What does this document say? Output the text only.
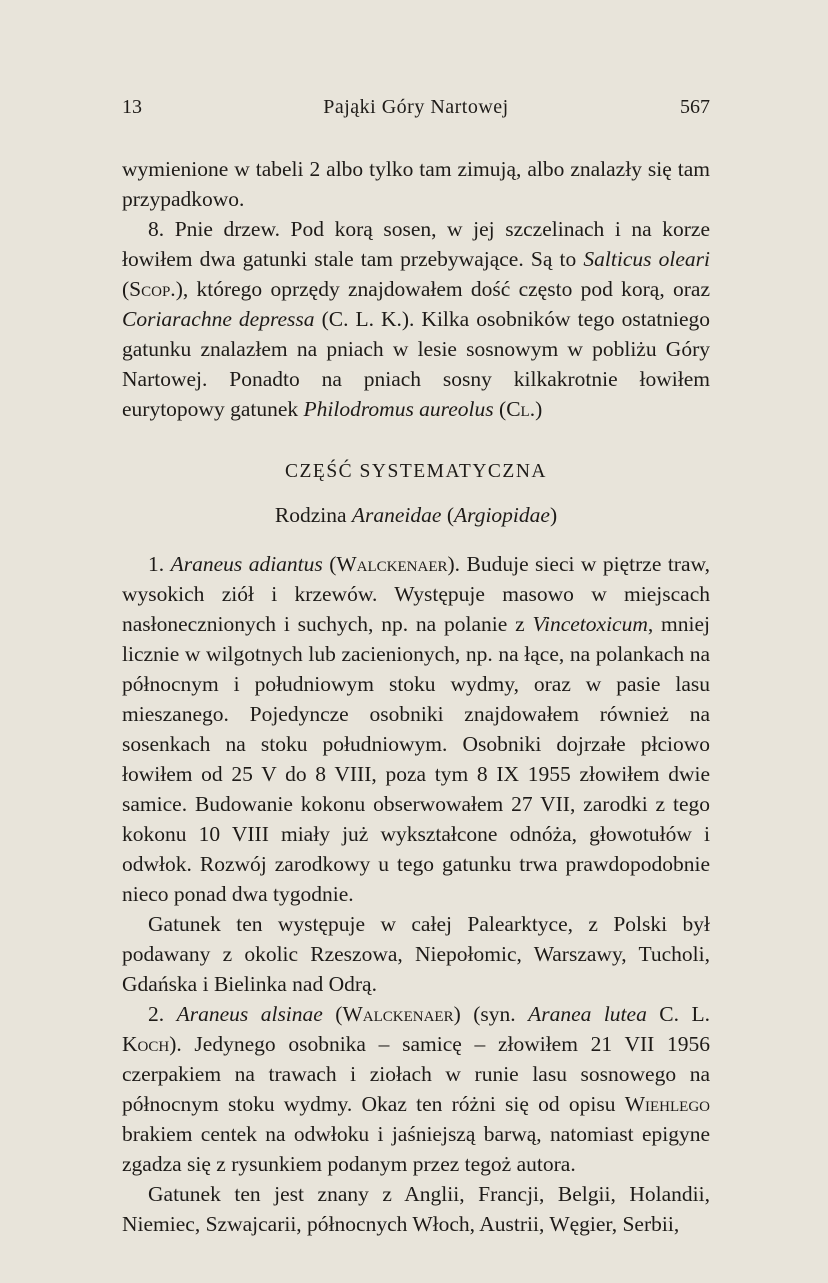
Pająki Góry Nartowej
13	567

wymienione w tabeli 2 albo tylko tam zimują, albo znalazły się tam przypadkowo.

8. Pnie drzew. Pod korą sosen, w jej szczelinach i na korze łowiłem dwa gatunki stale tam przebywające. Są to Salticus oleari (Scop.), którego oprzędy znajdowałem dość często pod korą, oraz Coriarachne depressa (C. L. K.). Kilka osobników tego ostatniego gatunku znalazłem na pniach w lesie sosnowym w pobliżu Góry Nartowej. Ponadto na pniach sosny kilkakrotnie łowiłem eurytopowy gatunek Philodromus aureolus (Cl.)

CZĘŚĆ SYSTEMATYCZNA

Rodzina Araneidae (Argiopidae)

1. Araneus adiantus (Walckenaer). Buduje sieci w piętrze traw, wysokich ziół i krzewów. Występuje masowo w miejscach nasłonecznionych i suchych, np. na polanie z Vincetoxicum, mniej licznie w wilgotnych lub zacienionych, np. na łące, na polankach na północnym i południowym stoku wydmy, oraz w pasie lasu mieszanego. Pojedyncze osobniki znajdowałem również na sosenkach na stoku południowym. Osobniki dojrzałe płciowo łowiłem od 25 V do 8 VIII, poza tym 8 IX 1955 złowiłem dwie samice. Budowanie kokonu obserwowałem 27 VII, zarodki z tego kokonu 10 VIII miały już wykształcone odnóża, głowotułów i odwłok. Rozwój zarodkowy u tego gatunku trwa prawdopodobnie nieco ponad dwa tygodnie.

Gatunek ten występuje w całej Palearktyce, z Polski był podawany z okolic Rzeszowa, Niepołomic, Warszawy, Tucholi, Gdańska i Bielinka nad Odrą.

2. Araneus alsinae (Walckenaer) (syn. Aranea lutea C. L. Koch). Jedynego osobnika – samicę – złowiłem 21 VII 1956 czerpakiem na trawach i ziołach w runie lasu sosnowego na północnym stoku wydmy. Okaz ten różni się od opisu Wiehlego brakiem centek na odwłoku i jaśniejszą barwą, natomiast epigyne zgadza się z rysunkiem podanym przez tegoż autora.

Gatunek ten jest znany z Anglii, Francji, Belgii, Holandii, Niemiec, Szwajcarii, północnych Włoch, Austrii, Węgier, Serbii,
